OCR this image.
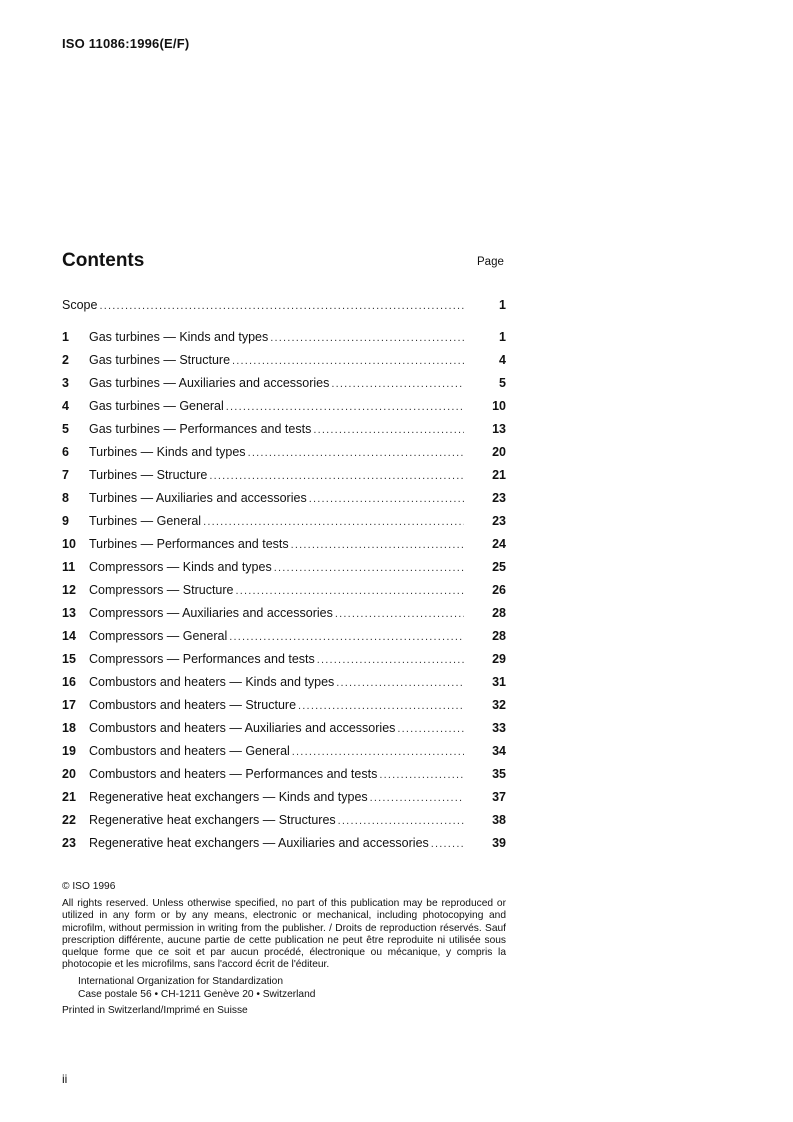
ISO 11086:1996(E/F)
Contents	Page
Scope .....	1
1	Gas turbines — Kinds and types .....	1
2	Gas turbines — Structure .....	4
3	Gas turbines — Auxiliaries and accessories .....	5
4	Gas turbines — General .....	10
5	Gas turbines — Performances and tests .....	13
6	Turbines — Kinds and types .....	20
7	Turbines — Structure .....	21
8	Turbines — Auxiliaries and accessories .....	23
9	Turbines — General .....	23
10	Turbines — Performances and tests .....	24
11	Compressors — Kinds and types .....	25
12	Compressors — Structure .....	26
13	Compressors — Auxiliaries and accessories .....	28
14	Compressors — General .....	28
15	Compressors — Performances and tests .....	29
16	Combustors and heaters — Kinds and types .....	31
17	Combustors and heaters — Structure .....	32
18	Combustors and heaters — Auxiliaries and accessories .....	33
19	Combustors and heaters — General .....	34
20	Combustors and heaters — Performances and tests .....	35
21	Regenerative heat exchangers — Kinds and types .....	37
22	Regenerative heat exchangers — Structures .....	38
23	Regenerative heat exchangers — Auxiliaries and accessories .....	39
© ISO 1996
All rights reserved. Unless otherwise specified, no part of this publication may be reproduced or utilized in any form or by any means, electronic or mechanical, including photocopying and microfilm, without permission in writing from the publisher. / Droits de reproduction réservés. Sauf prescription différente, aucune partie de cette publication ne peut être reproduite ni utilisée sous quelque forme que ce soit et par aucun procédé, électronique ou mécanique, y compris la photocopie et les microfilms, sans l'accord écrit de l'éditeur.
International Organization for Standardization
Case postale 56 • CH-1211 Genève 20 • Switzerland
Printed in Switzerland/Imprimé en Suisse
ii
